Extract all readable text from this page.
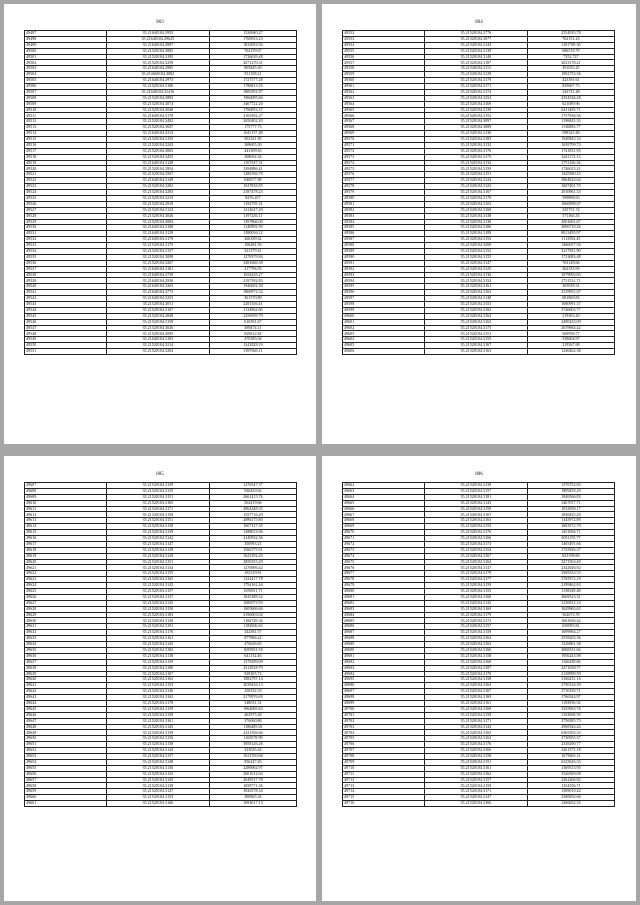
803
49497	35.21640104.2955	1526940.27
49498	35.21640104.29625	1706913.23
49499	35.21640104.2897	1823053.56
49500	35.21520104.3085	764159.07
49501	35.21520104.3195	1726639.48
49502	35.21520104.3259	2071270.31
49503	35.21640104.2985	805845.30
49504	35.214660104.3082	551358.21
49505	35.21640104.2975	1727577.28
49506	35.21520104.3186	1786813.35
49507	35.21640104.31416	1885591.87
49508	35.21520104.2883	1966095.66
49509	35.21520104.3074	3467722.20
49510	35.21520104.3046	1786853.37
49511	35.21640104.3178	2165592.27
49512	35.21520104.3482	2650402.20
49513	35.21520104.3047	175777.73
49514	35.21640104.3313	1641157.48
49515	35.21520104.3153	502321.85
49516	35.21520104.3243	368605.30
49517	35.21520104.3065	441509.63
49518	35.21520104.3455	308654.34
49519	35.21640104.3128	1167547.31
49520	35.21520104.2954	3394886.41
49521	35.21520104.3567	1286766.79
49522	35.21640104.3149	940077.88
49523	35.21520104.3202	1637816.95
49524	35.21520104.3283	2187478.23
49525	35.21520104.3213	8276.457
49526	35.21520104.2910	1192795.31
49527	35.21520104.3123	1414627.29
49528	35.21520104.3046	1197236.11
49529	35.21520104.3084	1397866.00
49530	35.21640104.3108	1140993.59
49531	35.21640104.3129	1380016.12
49532	35.21640104.3179	266339.32
49533	35.21520104.3175	106281.56
49534	35.21520104.3157	321379.41
49535	35.21520104.3098	1278379.84
49536	35.21520104.3267	3481666.38
49537	35.21640104.3181	217796.55
49538	35.21640104.2758	1654235.27
49539	35.21640104.2930	2197392.83
49540	35.21640104.3263	1946692.30
49541	35.21640104.3773	1869972.32
49542	35.21640104.3253	561570.89
49543	35.21520104.3011	2281356.41
49544	35.21520104.3167	1134962.60
49545	35.21520104.2848	2256939.79
49546	35.21520104.3159	616591.67
49547	35.21520104.3026	389474.11
49548	35.21520104.3095	829612.82
49549	35.21640104.3103	470385.04
49550	35.21520104.3214	1241828.19
49551	35.21520104.3204	1397665.11
804
49552	35.21520104.2776	2554935.78
49553	35.21520104.3077	762151.23
49554	35.21520104.3143	1181789.30
49555	35.21520104.3139	696519.79
49556	35.21520104.3140	7352.727
49557	35.21520104.3187	2023178.21
49558	35.21520104.3115	391033.25
49559	35.21520104.3129	1902753.36
49560	35.21520104.3179	423391.61
49561	35.21520104.3171	829667.73
49562	35.21520104.3174	343741.48
49563	35.21520104.3254	2354526.28
49564	35.21520104.3169	621089.96
49565	35.21520104.3139	6231495.71
49566	35.21520104.3152	1757936.56
49567	35.21520104.3097	1196843.33
49568	35.21520104.3089	1136883.77
49569	35.21520104.3130	598325.48
49570	35.21520104.3183	1940843.33
49571	35.21520104.3132	1658799.73
49572	35.21520104.3176	1741831.95
49573	35.21520104.3175	3241172.13
49574	35.21520104.3132	1751166.34
49575	35.21520104.3159	1746015.21
49576	35.21520104.3151	1445580.23
49577	35.21520104.3124	3864924.64
49578	35.21520104.3123	1607401.70
49579	35.21520104.3167	2010961.33
49580	35.21520104.3170	599898.63
49581	35.21520104.3102	1660098.07
49582	35.21520104.3168	325751.74
49583	35.21520104.3138	371366.35
49584	35.21520104.3138	2001661.67
49585	35.21520104.3186	3006710.26
49586	35.21520104.3189	8013495.97
49587	35.21520104.3153	1113592.45
49588	35.21520104.3200	1466037.56
49589	35.21520104.3152	3217811.90
49590	35.21520104.3155	1733083.48
49591	35.21520104.3147	763148.66
49592	35.21520104.3125	362335.93
49593	35.21520104.3136	1079993.83
49594	35.21520104.3154	2731531.71
49595	35.21520104.3161	365039.31
49596	35.21520104.3163	2319951.07
49597	35.21520104.3148	681869.83
49598	35.21520104.3153	1680991.37
49599	35.21520104.3182	3746603.77
49600	35.21520104.3164	219363.20
49601	35.21520104.3163	2490233.09
49602	35.21520104.3175	2019964.42
49603	35.21520104.3151	569958.77
49604	35.21520104.3155	538604.97
49605	35.21520104.3167	219567.68
49606	35.21520104.3163	1236462.38
805
49607	35.21520104.3139	1276547.37
49608	35.21520104.3135	926450.62
49609	35.21520104.3151	2661415.76
49610	35.21520104.3165	564419.66
49611	35.21520104.3171	4964348.35
49612	35.21520104.3158	1557716.20
49613	35.21520104.3151	2086175.80
49614	35.21520104.3158	1607127.35
49615	35.21520104.3139	1388013.96
49616	35.21520104.3142	2140932.36
49617	35.21520104.3147	350993.21
49618	35.21520104.3139	1566775.91
49619	35.21520104.3128	1623192.20
49620	35.21520104.3151	2850353.29
49621	35.21520104.3134	1276906.42
49622	35.21520104.3155	102319.81
49623	35.21520104.3165	1322417.78
49624	35.21520104.3143	1794162.44
49625	35.21520104.3157	1659811.71
49626	35.21520104.3137	1845388.32
49627	35.21520104.3145	1686973.93
49628	35.21520104.3150	1605606.66
49629	35.21520104.3183	2196003.02
49630	35.21520104.3130	1166729.34
49631	35.21520104.3191	1185606.63
49632	35.21520104.3176	542581.57
49633	35.21520104.3161	877866.22
49634	35.21520104.3145	476626.65
49635	35.21520104.3182	1695951.59
49636	35.21520104.3138	641132.46
49637	35.21520104.3159	1578299.09
49638	35.21520104.3180	2512918.79
49639	35.21520104.3167	928305.72
49640	35.21520104.3163	1882797.14
49641	35.21520104.3153	2029416.13
49642	35.21520104.3146	256332.33
49643	35.21520104.3162	2179976.69
49644	35.21520104.3178	548031.31
49645	35.21520104.3159	1964695.63
49646	35.21520104.3158	462975.28
49647	35.21520104.3161	376060.86
49648	35.21520104.3145	1186485.61
49649	35.21520104.3139	2321356.66
49650	35.21520104.3156	1165078.99
49651	35.21520104.3158	3958126.26
49652	35.21520104.3144	323035.44
49653	35.21520104.3157	1631550.68
49654	35.21520104.3148	956247.45
49655	35.21520104.3136	2289062.97
49656	35.21520104.3152	2601612.64
49657	35.21520104.3145	2049517.78
49658	35.21520104.3138	1058771.36
49659	35.21520104.3147	3926578.34
49660	35.21520104.3153	390865.34
49661	35.21520104.3166	1693617.13
806
49662	35.21520104.3139	1376752.65
49663	35.21520104.3157	1809459.29
49664	35.21520104.3181	1846566.83
49665	35.21520104.3143	1467017.71
49666	35.21520104.3159	1032958.17
49667	35.21520104.3167	1836455.29
49668	35.21520104.3163	1345972.89
49669	35.21520104.3155	1603572.79
49670	35.21520104.3176	1451094.71
49671	35.21520104.3166	3051155.77
49672	35.21520104.3173	1465491.66
49673	35.21520104.3154	1725926.37
49674	35.21520104.3167	823198.69
49675	35.21520104.3164	3271563.40
49676	35.21520104.3137	2342926.92
49677	35.21520104.3179	3369333.53
49678	35.21520104.3177	3765972.19
49679	35.21520104.3159	2199462.63
49680	35.21520104.3155	1158349.48
49681	35.21520104.3168	3669523.31
49682	35.21520104.3143	3156912.14
49683	35.21520104.3169	1629965.63
49684	35.21520104.3179	562673.78
49685	35.21520104.3172	1663636.42
49686	35.21520104.3157	650095.81
49687	35.21520104.3159	1699964.27
49688	35.21520104.3163	2558265.36
49689	35.21520104.3163	1226861.38
49690	35.21520104.3166	2068331.66
49691	35.21520104.3158	1956243.98
49692	35.21520104.3160	1166458.66
49693	35.21520104.3187	2471658.77
49694	35.21520104.3170	2128999.59
49695	35.21520104.3158	3166231.16
49696	35.21520104.3163	2750124.39
49697	35.21520104.3167	3710339.71
49698	35.21520104.3169	1766344.97
49699	35.21520104.3161	1192956.54
49700	35.21520104.3169	3325963.76
49701	35.21520104.3158	1163068.59
49702	35.21520104.3171	3756585.75
49703	35.21520104.3144	2968326.44
49704	35.21520104.3165	6365393.33
49705	35.21520104.3163	3730955.37
49706	35.21520104.3176	2338290.77
49707	35.21520104.3166	3261571.18
49708	35.21520104.3158	1675665.31
49709	35.21520104.3151	6325626.33
49710	35.21520104.3161	1369513.95
49711	35.21520104.3162	3326369.08
49712	35.21520104.3157	2262266.82
49713	35.21520104.3159	1354556.71
49714	35.21520104.3171	1569010.42
49715	35.21520104.3147	2306854.66
49716	35.21520104.3166	2366652.35
